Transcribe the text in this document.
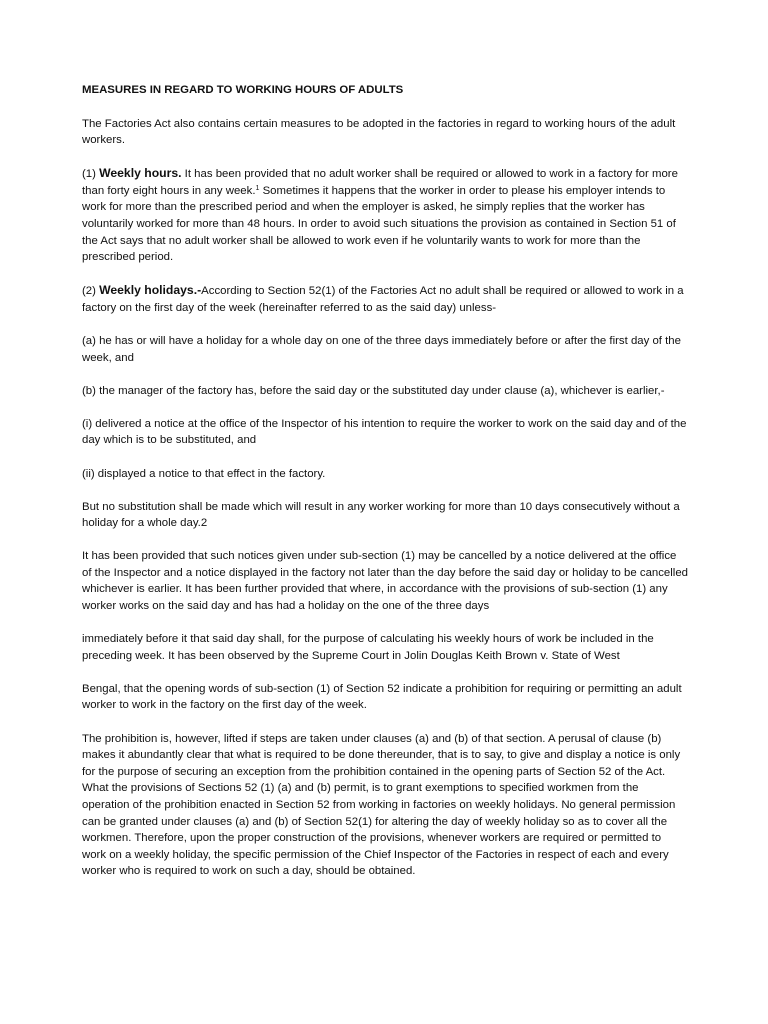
MEASURES IN REGARD TO WORKING HOURS OF ADULTS

The Factories Act also contains certain measures to be adopted in the factories in regard to working hours of the adult workers.

(1) Weekly hours. It has been provided that no adult worker shall be required or allowed to work in a factory for more than forty eight hours in any week.$^1$ Sometimes it happens that the worker in order to please his employer intends to work for more than the prescribed period and when the employer is asked, he simply replies that the worker has voluntarily worked for more than 48 hours. In order to avoid such situations the provision as contained in Section 51 of the Act says that no adult worker shall be allowed to work even if he voluntarily wants to work for more than the prescribed period.

(2) Weekly holidays.-According to Section 52(1) of the Factories Act no adult shall be required or allowed to work in a factory on the first day of the week (hereinafter referred to as the said day) unless-

(a) he has or will have a holiday for a whole day on one of the three days immediately before or after the first day of the week, and

(b) the manager of the factory has, before the said day or the substituted day under clause (a), whichever is earlier,-

(i) delivered a notice at the office of the Inspector of his intention to require the worker to work on the said day and of the day which is to be substituted, and

(ii) displayed a notice to that effect in the factory.

But no substitution shall be made which will result in any worker working for more than 10 days consecutively without a holiday for a whole day.2

It has been provided that such notices given under sub-section (1) may be cancelled by a notice delivered at the office of the Inspector and a notice displayed in the factory not later than the day before the said day or holiday to be cancelled whichever is earlier. It has been further provided that where, in accordance with the provisions of sub-section (1) any worker works on the said day and has had a holiday on the one of the three days

immediately before it that said day shall, for the purpose of calculating his weekly hours of work be included in the preceding week. It has been observed by the Supreme Court in Jolin Douglas Keith Brown v. State of West

Bengal, that the opening words of sub-section (1) of Section 52 indicate a prohibition for requiring or permitting an adult worker to work in the factory on the first day of the week.

The prohibition is, however, lifted if steps are taken under clauses (a) and (b) of that section. A perusal of clause (b) makes it abundantly clear that what is required to be done thereunder, that is to say, to give and display a notice is only for the purpose of securing an exception from the prohibition contained in the opening parts of Section 52 of the Act.

What the provisions of Sections 52 (1) (a) and (b) permit, is to grant exemptions to specified workmen from the operation of the prohibition enacted in Section 52 from working in factories on weekly holidays. No general permission can be granted under clauses (a) and (b) of Section 52(1) for altering the day of weekly holiday so as to cover all the workmen. Therefore, upon the proper construction of the provisions, whenever workers are required or permitted to work on a weekly holiday, the specific permission of the Chief Inspector of the Factories in respect of each and every worker who is required to work on such a day, should be obtained.
